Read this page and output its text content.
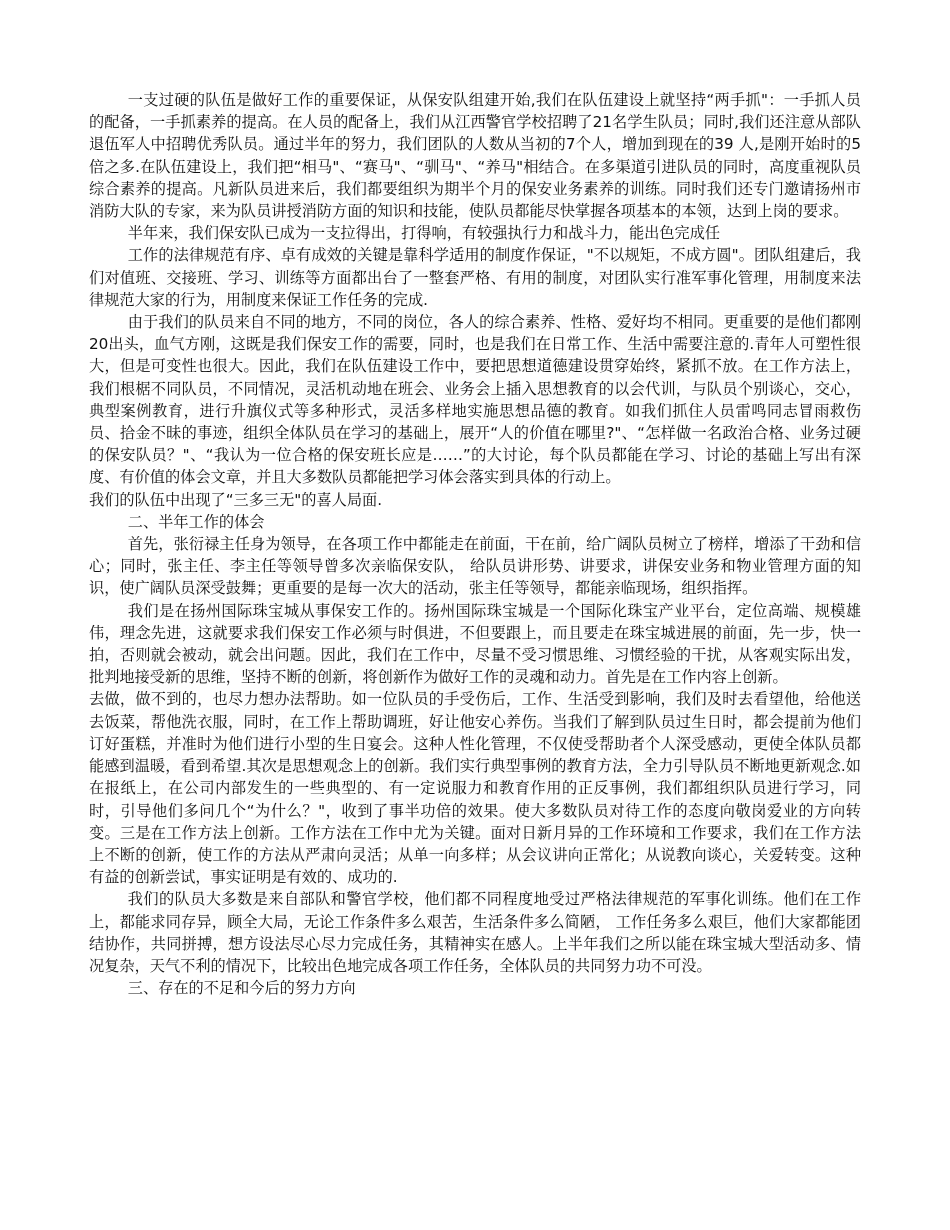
一支过硬的队伍是做好工作的重要保证，从保安队组建开始,我们在队伍建设上就坚持“两手抓"：一手抓人员的配备，一手抓素养的提高。在人员的配备上，我们从江西警官学校招聘了21名学生队员；同时,我们还注意从部队退伍军人中招聘优秀队员。通过半年的努力，我们团队的人数从当初的7个人，增加到现在的39 人,是刚开始时的5倍之多.在队伍建设上，我们把“相马"、“赛马"、“驯马"、“养马"相结合。在多渠道引进队员的同时，高度重视队员综合素养的提高。凡新队员进来后，我们都要组织为期半个月的保安业务素养的训练。同时我们还专门邀请扬州市消防大队的专家，来为队员讲授消防方面的知识和技能，使队员都能尽快掌握各项基本的本领，达到上岗的要求。

半年来，我们保安队已成为一支拉得出，打得响，有较强执行力和战斗力，能出色完成任

工作的法律规范有序、卓有成效的关键是靠科学适用的制度作保证，"不以规矩，不成方圆"。团队组建后，我们对值班、交接班、学习、训练等方面都出台了一整套严格、有用的制度，对团队实行准军事化管理，用制度来法律规范大家的行为，用制度来保证工作任务的完成.

由于我们的队员来自不同的地方，不同的岗位，各人的综合素养、性格、爱好均不相同。更重要的是他们都刚20出头，血气方刚，这既是我们保安工作的需要，同时，也是我们在日常工作、生活中需要注意的.青年人可塑性很大，但是可变性也很大。因此，我们在队伍建设工作中，要把思想道德建设贯穿始终，紧抓不放。在工作方法上，我们根椐不同队员，不同情况，灵活机动地在班会、业务会上插入思想教育的以会代训，与队员个别谈心，交心，典型案例教育，进行升旗仪式等多种形式，灵活多样地实施思想品德的教育。如我们抓住人员雷鸣同志冒雨救伤员、拾金不昧的事迹，组织全体队员在学习的基础上，展开“人的价值在哪里?"、“怎样做一名政治合格、业务过硬的保安队员？"、“我认为一位合格的保安班长应是……”的大讨论，每个队员都能在学习、讨论的基础上写出有深度、有价值的体会文章，并且大多数队员都能把学习体会落实到具体的行动上。

我们的队伍中出现了“三多三无"的喜人局面.

二、半年工作的体会

首先，张衍禄主任身为领导，在各项工作中都能走在前面，干在前，给广阔队员树立了榜样，增添了干劲和信心；同时，张主任、李主任等领导曾多次亲临保安队， 给队员讲形势、讲要求，讲保安业务和物业管理方面的知识，使广阔队员深受鼓舞；更重要的是每一次大的活动，张主任等领导，都能亲临现场，组织指挥。

我们是在扬州国际珠宝城从事保安工作的。扬州国际珠宝城是一个国际化珠宝产业平台，定位高端、规模雄伟，理念先进，这就要求我们保安工作必须与时俱进，不但要跟上，而且要走在珠宝城进展的前面，先一步，快一拍，否则就会被动，就会出问题。因此，我们在工作中，尽量不受习惯思维、习惯经验的干扰，从客观实际出发，批判地接受新的思维，坚持不断的创新，将创新作为做好工作的灵魂和动力。首先是在工作内容上创新。

去做，做不到的，也尽力想办法帮助。如一位队员的手受伤后，工作、生活受到影响，我们及时去看望他，给他送去饭菜，帮他洗衣服，同时，在工作上帮助调班，好让他安心养伤。当我们了解到队员过生日时，都会提前为他们订好蛋糕，并准时为他们进行小型的生日宴会。这种人性化管理，不仅使受帮助者个人深受感动，更使全体队员都能感到温暖，看到希望.其次是思想观念上的创新。我们实行典型事例的教育方法，全力引导队员不断地更新观念.如在报纸上，在公司内部发生的一些典型的、有一定说服力和教育作用的正反事例，我们都组织队员进行学习，同时，引导他们多问几个“为什么？"，收到了事半功倍的效果。使大多数队员对待工作的态度向敬岗爱业的方向转变。三是在工作方法上创新。工作方法在工作中尤为关键。面对日新月异的工作环境和工作要求，我们在工作方法上不断的创新，使工作的方法从严肃向灵活；从单一向多样；从会议讲向正常化；从说教向谈心，关爱转变。这种有益的创新尝试，事实证明是有效的、成功的.

我们的队员大多数是来自部队和警官学校，他们都不同程度地受过严格法律规范的军事化训练。他们在工作上，都能求同存异，顾全大局，无论工作条件多么艰苦，生活条件多么简陋， 工作任务多么艰巨，他们大家都能团结协作，共同拼搏，想方设法尽心尽力完成任务，其精神实在感人。上半年我们之所以能在珠宝城大型活动多、情况复杂，天气不利的情况下，比较出色地完成各项工作任务，全体队员的共同努力功不可没。

三、存在的不足和今后的努力方向
